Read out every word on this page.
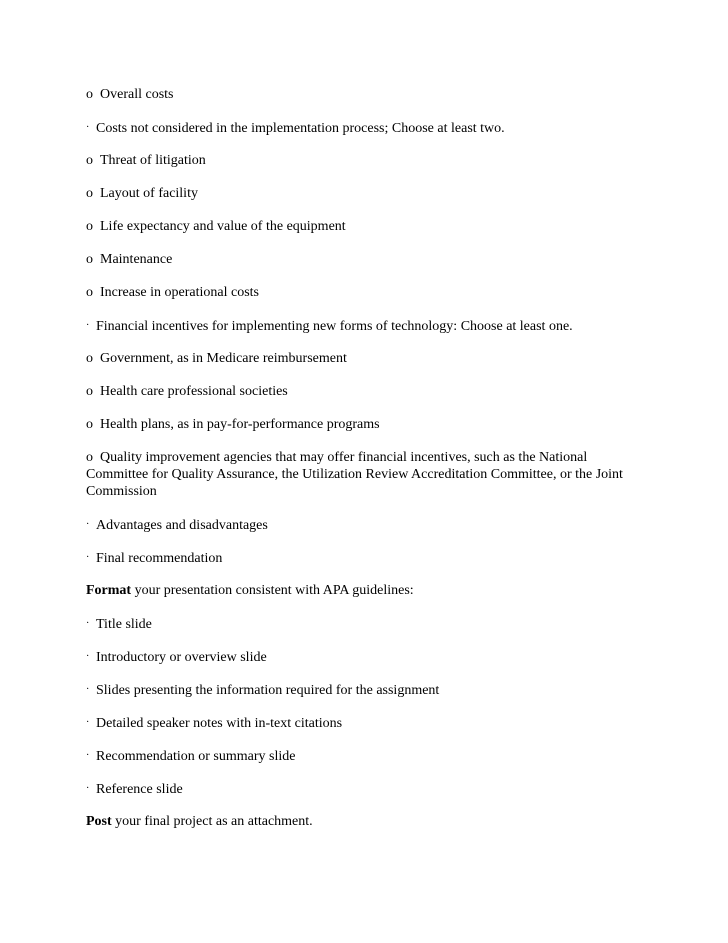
o Overall costs
· Costs not considered in the implementation process; Choose at least two.
o Threat of litigation
o Layout of facility
o Life expectancy and value of the equipment
o Maintenance
o Increase in operational costs
· Financial incentives for implementing new forms of technology: Choose at least one.
o Government, as in Medicare reimbursement
o Health care professional societies
o Health plans, as in pay-for-performance programs
o Quality improvement agencies that may offer financial incentives, such as the National Committee for Quality Assurance, the Utilization Review Accreditation Committee, or the Joint Commission
· Advantages and disadvantages
· Final recommendation
Format your presentation consistent with APA guidelines:
· Title slide
· Introductory or overview slide
· Slides presenting the information required for the assignment
· Detailed speaker notes with in-text citations
· Recommendation or summary slide
· Reference slide
Post your final project as an attachment.
